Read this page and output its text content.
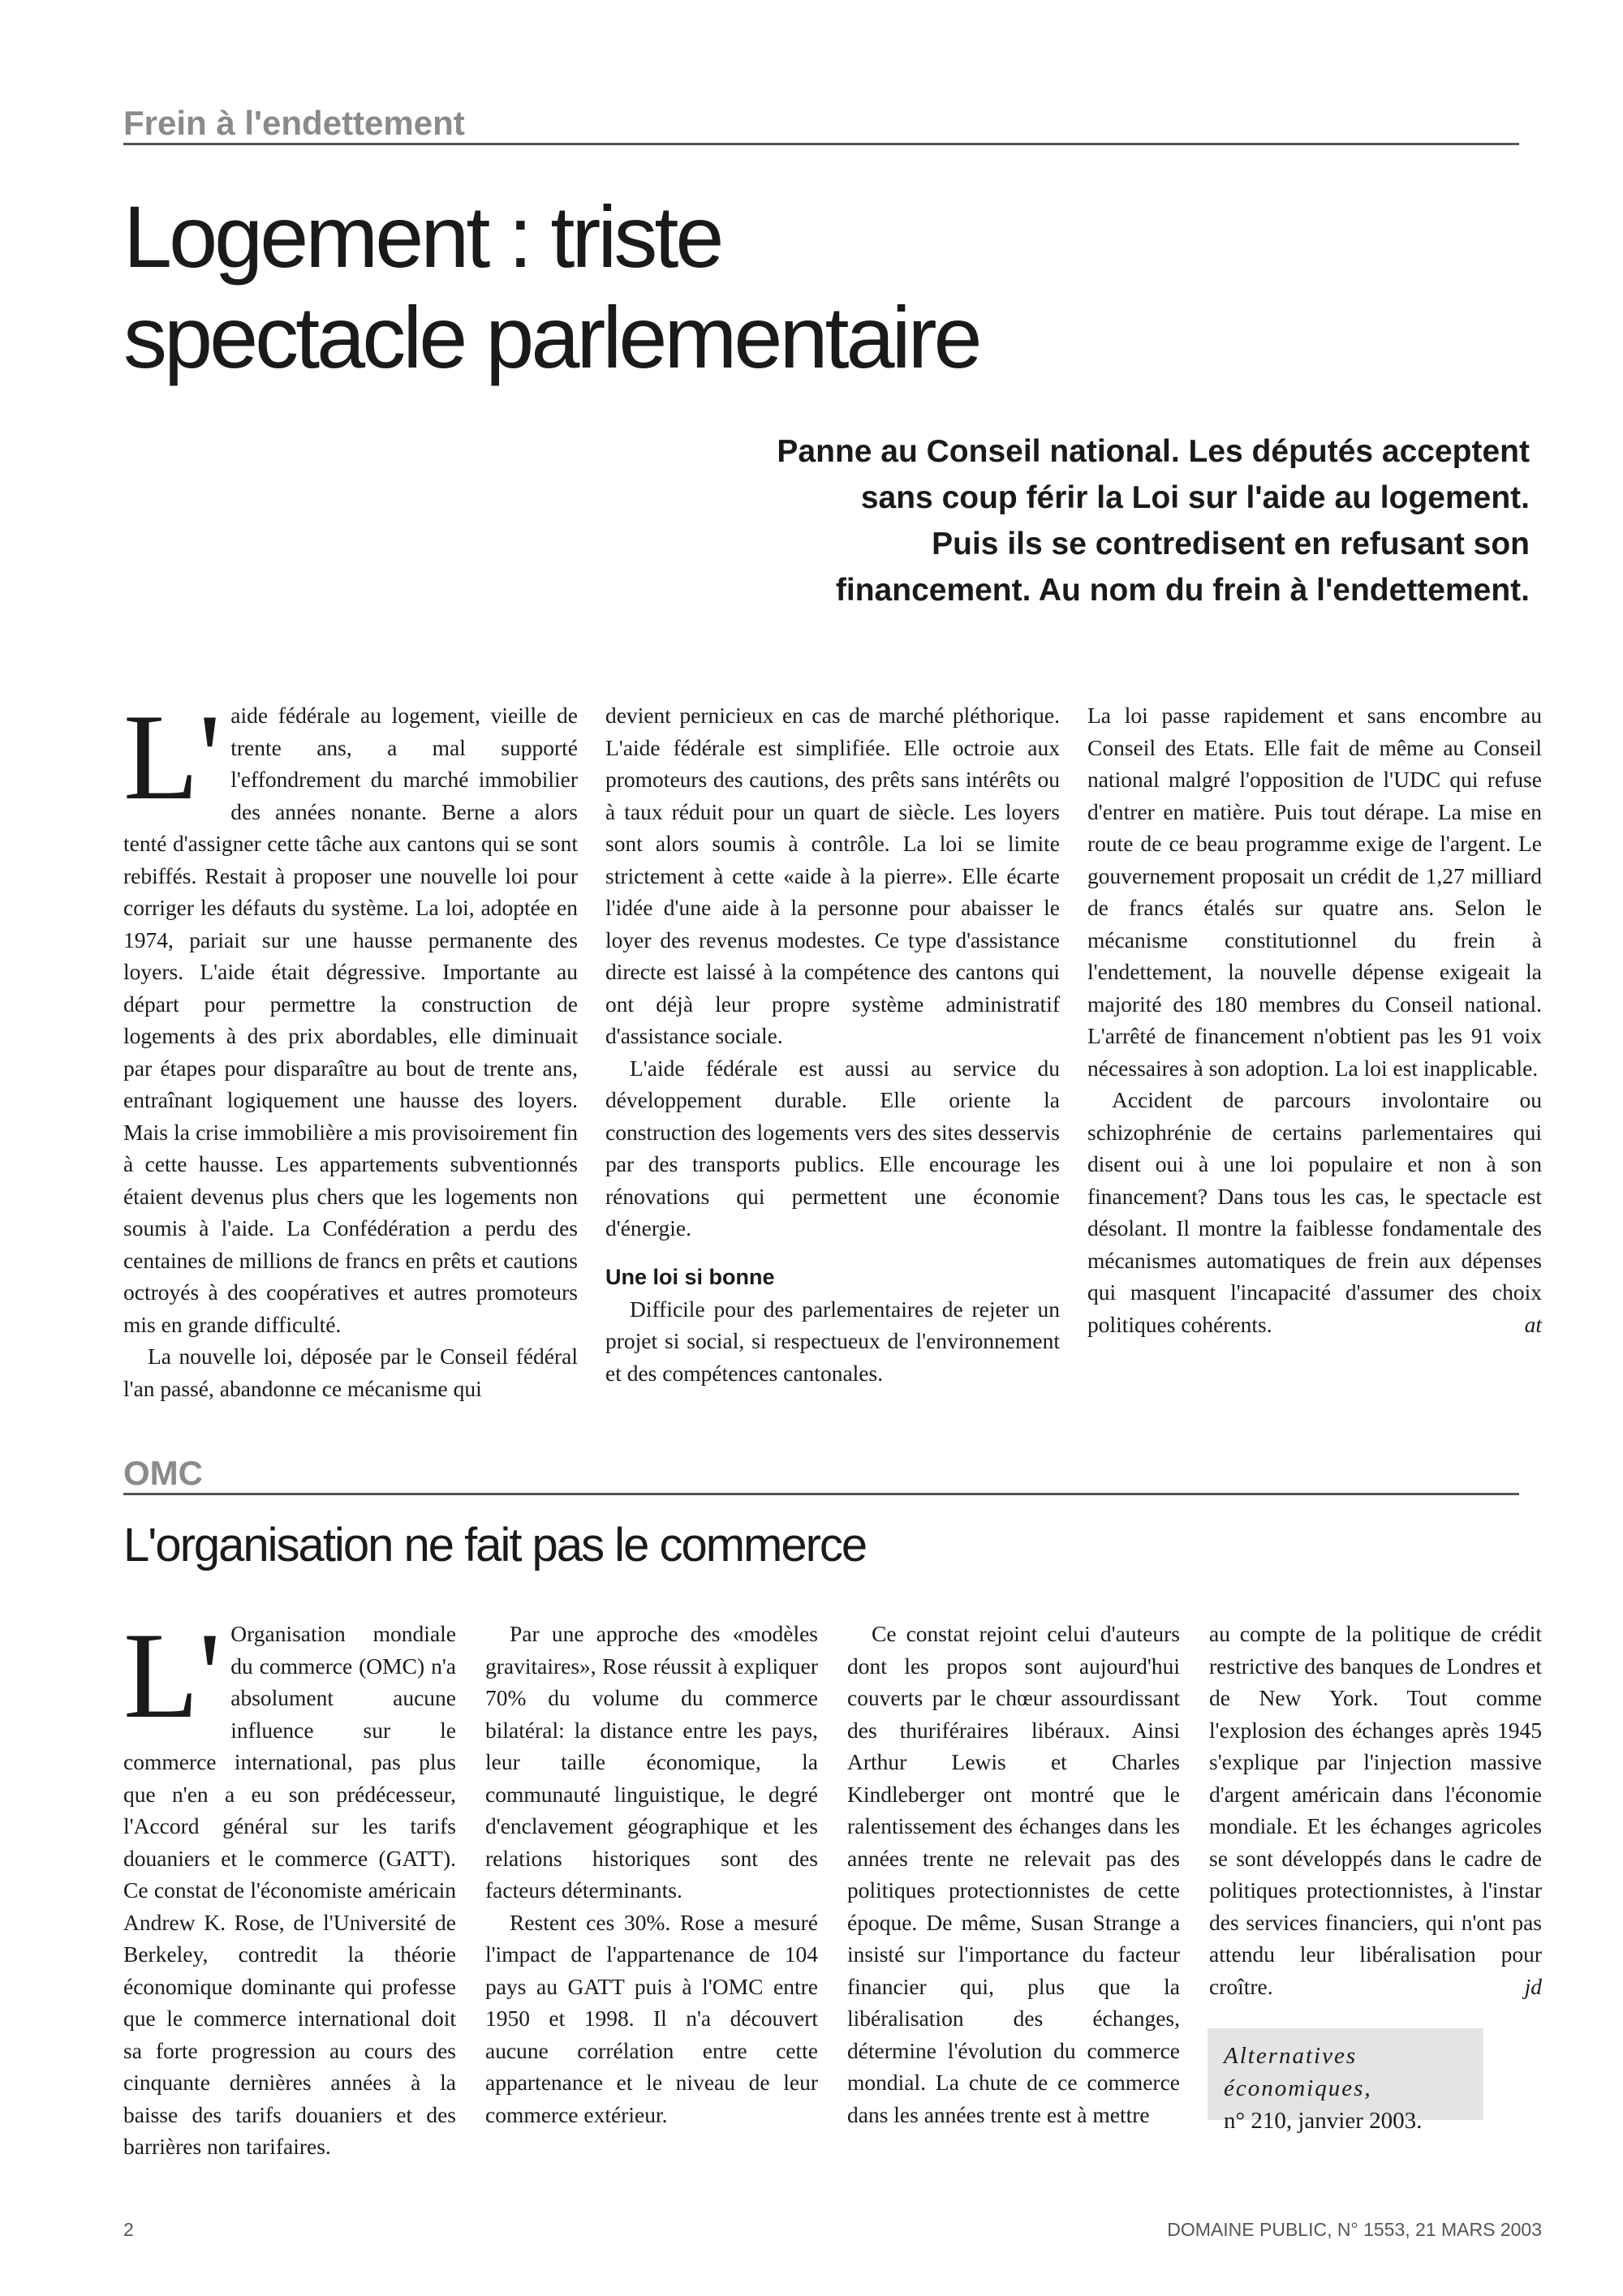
Frein à l'endettement
Logement : triste
spectacle parlementaire
Panne au Conseil national. Les députés acceptent
sans coup férir la Loi sur l'aide au logement.
Puis ils se contredisent en refusant son
financement. Au nom du frein à l'endettement.

L' aide fédérale au logement, vieille de trente ans, a mal supporté l'effondrement du marché immobilier des années nonante. Berne a alors tenté d'assigner cette tâche aux cantons qui se sont rebiffés. Restait à proposer une nouvelle loi pour corriger les défauts du système. La loi, adoptée en 1974, pariait sur une hausse permanente des loyers. L'aide était dégressive. Importante au départ pour permettre la construction de logements à des prix abordables, elle diminuait par étapes pour disparaître au bout de trente ans, entraînant logiquement une hausse des loyers. Mais la crise immobilière a mis provisoirement fin à cette hausse. Les appartements subventionnés étaient devenus plus chers que les logements non soumis à l'aide. La Confédération a perdu des centaines de millions de francs en prêts et cautions octroyés à des coopératives et autres promoteurs mis en grande difficulté.

La nouvelle loi, déposée par le Conseil fédéral l'an passé, abandonne ce mécanisme qui

devient pernicieux en cas de marché pléthorique. L'aide fédérale est simplifiée. Elle octroie aux promoteurs des cautions, des prêts sans intérêts ou à taux réduit pour un quart de siècle. Les loyers sont alors soumis à contrôle. La loi se limite strictement à cette «aide à la pierre». Elle écarte l'idée d'une aide à la personne pour abaisser le loyer des revenus modestes. Ce type d'assistance directe est laissé à la compétence des cantons qui ont déjà leur propre système administratif d'assistance sociale.

L'aide fédérale est aussi au service du développement durable. Elle oriente la construction des logements vers des sites desservis par des transports publics. Elle encourage les rénovations qui permettent une économie d'énergie.

Une loi si bonne

Difficile pour des parlementaires de rejeter un projet si social, si respectueux de l'environnement et des compétences cantonales.

La loi passe rapidement et sans encombre au Conseil des Etats. Elle fait de même au Conseil national malgré l'opposition de l'UDC qui refuse d'entrer en matière. Puis tout dérape. La mise en route de ce beau programme exige de l'argent. Le gouvernement proposait un crédit de 1,27 milliard de francs étalés sur quatre ans. Selon le mécanisme constitutionnel du frein à l'endettement, la nouvelle dépense exigeait la majorité des 180 membres du Conseil national. L'arrêté de financement n'obtient pas les 91 voix nécessaires à son adoption. La loi est inapplicable.

Accident de parcours involontaire ou schizophrénie de certains parlementaires qui disent oui à une loi populaire et non à son financement? Dans tous les cas, le spectacle est désolant. Il montre la faiblesse fondamentale des mécanismes automatiques de frein aux dépenses qui masquent l'incapacité d'assumer des choix politiques cohérents.	at

OMC
L'organisation ne fait pas le commerce

L' Organisation mondiale du commerce (OMC) n'a absolument aucune influence sur le commerce international, pas plus que n'en a eu son prédécesseur, l'Accord général sur les tarifs douaniers et le commerce (GATT). Ce constat de l'économiste américain Andrew K. Rose, de l'Université de Berkeley, contredit la théorie économique dominante qui professe que le commerce international doit sa forte progression au cours des cinquante dernières années à la baisse des tarifs douaniers et des barrières non tarifaires.

Par une approche des «modèles gravitaires», Rose réussit à expliquer 70% du volume du commerce bilatéral: la distance entre les pays, leur taille économique, la communauté linguistique, le degré d'enclavement géographique et les relations historiques sont des facteurs déterminants.

Restent ces 30%. Rose a mesuré l'impact de l'appartenance de 104 pays au GATT puis à l'OMC entre 1950 et 1998. Il n'a découvert aucune corrélation entre cette appartenance et le niveau de leur commerce extérieur.

Ce constat rejoint celui d'auteurs dont les propos sont aujourd'hui couverts par le chœur assourdissant des thuriféraires libéraux. Ainsi Arthur Lewis et Charles Kindleberger ont montré que le ralentissement des échanges dans les années trente ne relevait pas des politiques protectionnistes de cette époque. De même, Susan Strange a insisté sur l'importance du facteur financier qui, plus que la libéralisation des échanges, détermine l'évolution du commerce mondial. La chute de ce commerce dans les années trente est à mettre

au compte de la politique de crédit restrictive des banques de Londres et de New York. Tout comme l'explosion des échanges après 1945 s'explique par l'injection massive d'argent américain dans l'économie mondiale. Et les échanges agricoles se sont développés dans le cadre de politiques protectionnistes, à l'instar des services financiers, qui n'ont pas attendu leur libéralisation pour croître.	jd

Alternatives économiques,
n° 210, janvier 2003.
2	DOMAINE PUBLIC, N° 1553, 21 MARS 2003
